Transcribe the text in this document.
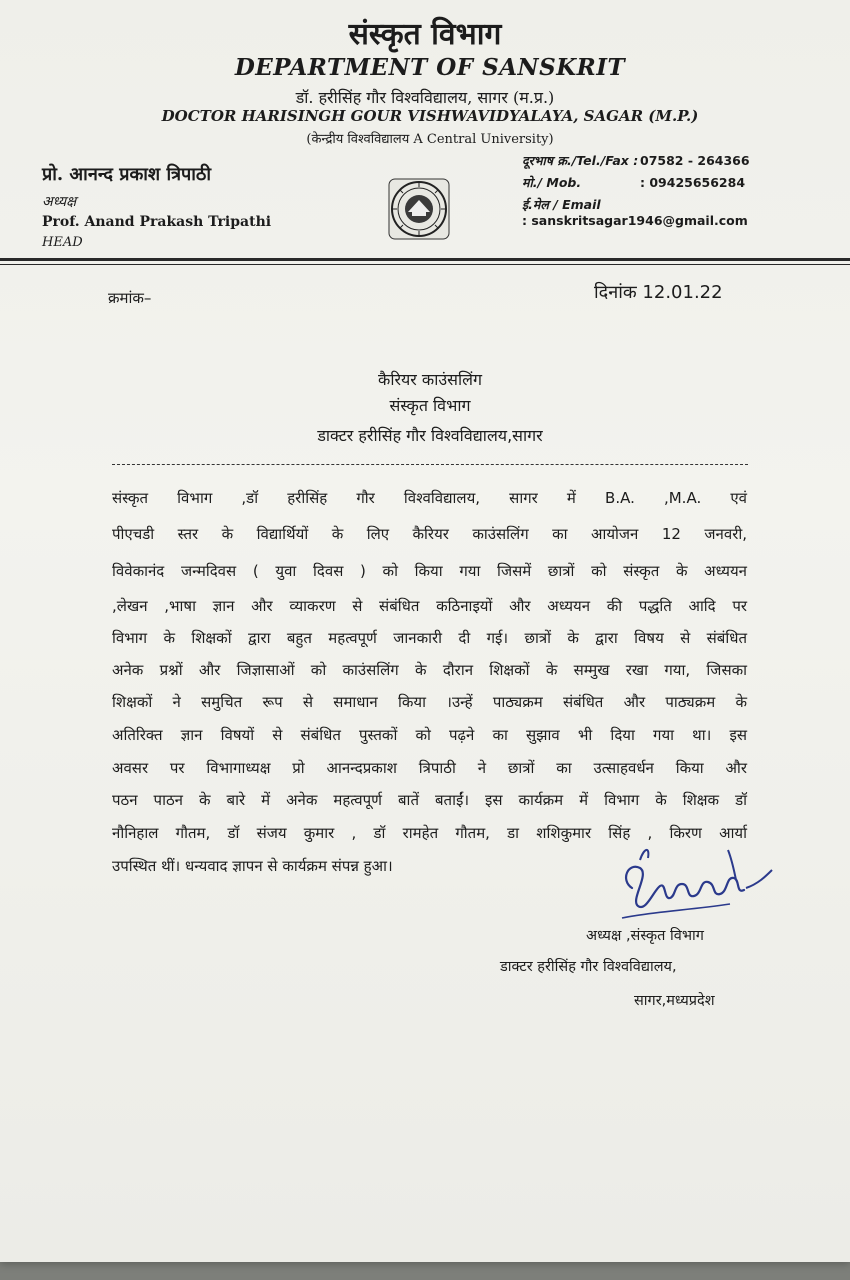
संस्कृत विभाग
DEPARTMENT OF SANSKRIT
डॉ. हरीसिंह गौर विश्वविद्यालय, सागर (म.प्र.)
DOCTOR HARISINGH GOUR VISHWAVIDYALAYA, SAGAR (M.P.)
(केन्द्रीय विश्वविद्यालय A Central University)
प्रो. आनन्द प्रकाश त्रिपाठी
अध्यक्ष
Prof. Anand Prakash Tripathi
HEAD
दूरभाष क्र./Tel./Fax : 07582 - 264366
मो./ Mob.	: 09425656284
ई.मेल / Email: sanskritsagar1946@gmail.com
क्रमांक–	दिनांक 12.01.22
कैरियर काउंसलिंग
संस्कृत विभाग
डाक्टर हरीसिंह गौर विश्वविद्यालय,सागर
संस्कृत विभाग ,डॉ हरीसिंह गौर विश्वविद्यालय, सागर में B.A. ,M.A. एवं
पीएचडी स्तर के विद्यार्थियों के लिए कैरियर काउंसलिंग का आयोजन 12 जनवरी,
विवेकानंद जन्मदिवस ( युवा दिवस ) को किया गया जिसमें छात्रों को संस्कृत के अध्ययन
,लेखन ,भाषा ज्ञान और व्याकरण से संबंधित कठिनाइयों और अध्ययन की पद्धति आदि पर
विभाग के शिक्षकों द्वारा बहुत महत्वपूर्ण जानकारी दी गई। छात्रों के द्वारा विषय से संबंधित
अनेक प्रश्नों और जिज्ञासाओं को काउंसलिंग के दौरान शिक्षकों के सम्मुख रखा गया, जिसका
शिक्षकों ने समुचित रूप से समाधान किया ।उन्हें पाठ्यक्रम संबंधित और पाठ्यक्रम के
अतिरिक्त ज्ञान विषयों से संबंधित पुस्तकों को पढ़ने का सुझाव भी दिया गया था। इस
अवसर पर विभागाध्यक्ष प्रो आनन्दप्रकाश त्रिपाठी ने छात्रों का उत्साहवर्धन किया और
पठन पाठन के बारे में अनेक महत्वपूर्ण बातें बताईं। इस कार्यक्रम में विभाग के शिक्षक डॉ
नौनिहाल गौतम, डॉ संजय कुमार , डॉ रामहेत गौतम, डा शशिकुमार सिंह , किरण आर्या
उपस्थित थीं। धन्यवाद ज्ञापन से कार्यक्रम संपन्न हुआ।
अध्यक्ष ,संस्कृत विभाग
डाक्टर हरीसिंह गौर विश्वविद्यालय,
सागर,मध्यप्रदेश
